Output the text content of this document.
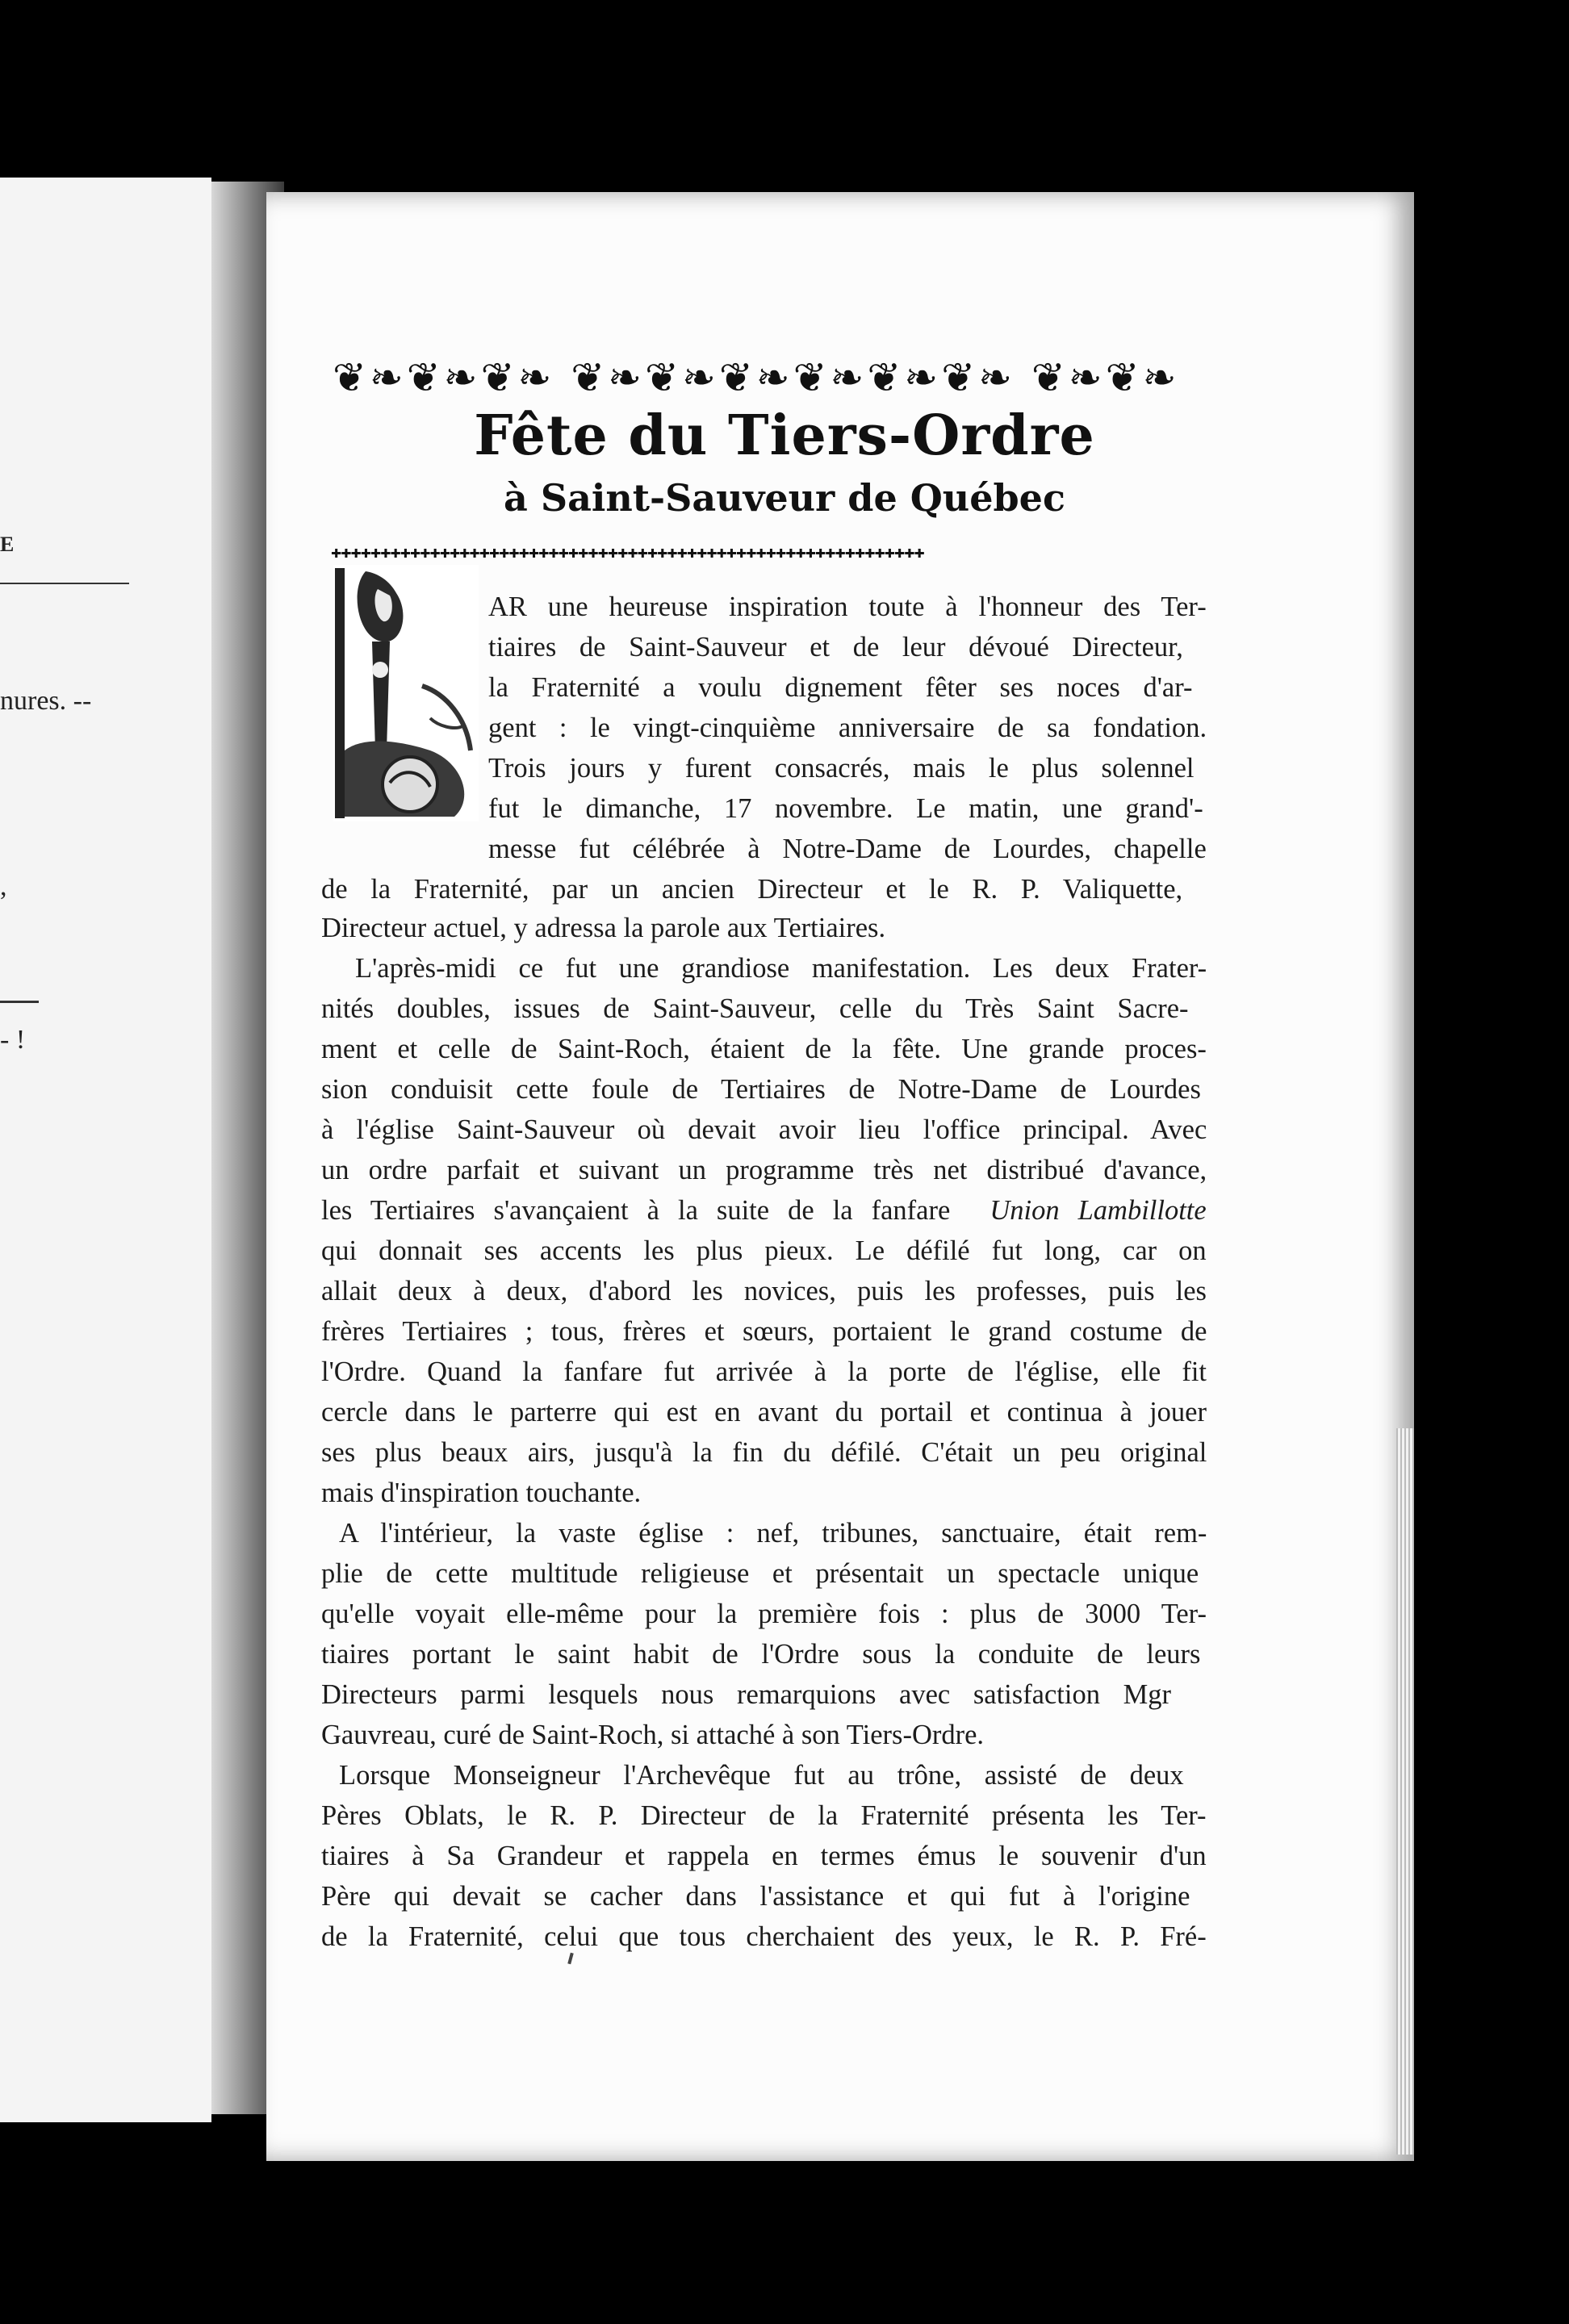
E
nures. --
,
- !
❦❧❦❧❦❧ ❦❧❦❧❦❧❦❧❦❧❦❧ ❦❧❦❧
Fête du Tiers-Ordre
à Saint-Sauveur de Québec
✚✚✚✚✚✚✚✚✚✚✚✚✚✚✚✚✚✚✚✚✚✚✚✚✚✚✚✚✚✚✚✚✚✚✚✚✚✚✚✚✚✚✚✚✚✚✚✚✚✚✚✚✚✚✚✚✚✚✚✚
AR une heureuse inspiration toute à l'honneur des Ter-
tiaires de Saint-Sauveur et de leur dévoué Directeur,
la Fraternité a voulu dignement fêter ses noces d'ar-
gent : le vingt-cinquième anniversaire de sa fondation.
Trois jours y furent consacrés, mais le plus solennel
fut le dimanche, 17 novembre. Le matin, une grand'-
messe fut célébrée à Notre-Dame de Lourdes, chapelle
de la Fraternité, par un ancien Directeur et le R. P. Valiquette,
Directeur actuel, y adressa la parole aux Tertiaires.
L'après-midi ce fut une grandiose manifestation. Les deux Frater-
nités doubles, issues de Saint-Sauveur, celle du Très Saint Sacre-
ment et celle de Saint-Roch, étaient de la fête. Une grande proces-
sion conduisit cette foule de Tertiaires de Notre-Dame de Lourdes
à l'église Saint-Sauveur où devait avoir lieu l'office principal. Avec
un ordre parfait et suivant un programme très net distribué d'avance,
les Tertiaires s'avançaient à la suite de la fanfare Union Lambillotte
qui donnait ses accents les plus pieux. Le défilé fut long, car on
allait deux à deux, d'abord les novices, puis les professes, puis les
frères Tertiaires ; tous, frères et sœurs, portaient le grand costume de
l'Ordre. Quand la fanfare fut arrivée à la porte de l'église, elle fit
cercle dans le parterre qui est en avant du portail et continua à jouer
ses plus beaux airs, jusqu'à la fin du défilé. C'était un peu original
mais d'inspiration touchante.
A l'intérieur, la vaste église : nef, tribunes, sanctuaire, était rem-
plie de cette multitude religieuse et présentait un spectacle unique
qu'elle voyait elle-même pour la première fois : plus de 3000 Ter-
tiaires portant le saint habit de l'Ordre sous la conduite de leurs
Directeurs parmi lesquels nous remarquions avec satisfaction Mgr
Gauvreau, curé de Saint-Roch, si attaché à son Tiers-Ordre.
Lorsque Monseigneur l'Archevêque fut au trône, assisté de deux
Pères Oblats, le R. P. Directeur de la Fraternité présenta les Ter-
tiaires à Sa Grandeur et rappela en termes émus le souvenir d'un
Père qui devait se cacher dans l'assistance et qui fut à l'origine
de la Fraternité, celui que tous cherchaient des yeux, le R. P. Fré-
